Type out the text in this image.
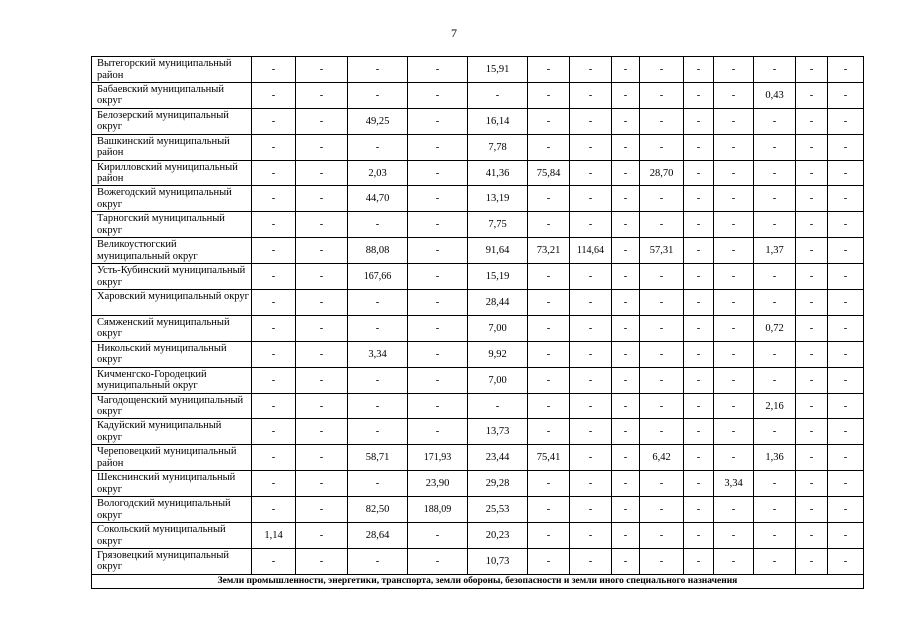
7
Вытегорский муниципальный район	-	-	-	-	15,91	-	-	-	-	-	-	-	-	-
Бабаевский муниципальный округ	-	-	-	-	-	-	-	-	-	-	-	0,43	-	-
Белозерский муниципальный округ	-	-	49,25	-	16,14	-	-	-	-	-	-	-	-	-
Вашкинский муниципальный район	-	-	-	-	7,78	-	-	-	-	-	-	-	-	-
Кирилловский муниципальный район	-	-	2,03	-	41,36	75,84	-	-	28,70	-	-	-	-	-
Вожегодский муниципальный округ	-	-	44,70	-	13,19	-	-	-	-	-	-	-	-	-
Тарногский муниципальный округ	-	-	-	-	7,75	-	-	-	-	-	-	-	-	-
Великоустюгский муниципальный округ	-	-	88,08	-	91,64	73,21	114,64	-	57,31	-	-	1,37	-	-
Усть-Кубинский муниципальный округ	-	-	167,66	-	15,19	-	-	-	-	-	-	-	-	-
Харовский муниципальный округ	-	-	-	-	28,44	-	-	-	-	-	-	-	-	-
Сямженский муниципальный округ	-	-	-	-	7,00	-	-	-	-	-	-	0,72	-	-
Никольский муниципальный округ	-	-	3,34	-	9,92	-	-	-	-	-	-	-	-	-
Кичменгско-Городецкий муниципальный округ	-	-	-	-	7,00	-	-	-	-	-	-	-	-	-
Чагодощенский муниципальный округ	-	-	-	-	-	-	-	-	-	-	-	2,16	-	-
Кадуйский муниципальный округ	-	-	-	-	13,73	-	-	-	-	-	-	-	-	-
Череповецкий муниципальный район	-	-	58,71	171,93	23,44	75,41	-	-	6,42	-	-	1,36	-	-
Шекснинский муниципальный округ	-	-	-	23,90	29,28	-	-	-	-	-	3,34	-	-	-
Вологодский муниципальный округ	-	-	82,50	188,09	25,53	-	-	-	-	-	-	-	-	-
Сокольский муниципальный округ	1,14	-	28,64	-	20,23	-	-	-	-	-	-	-	-	-
Грязовецкий муниципальный округ	-	-	-	-	10,73	-	-	-	-	-	-	-	-	-
Земли промышленности, энергетики, транспорта, земли обороны, безопасности и земли иного специального назначения														
